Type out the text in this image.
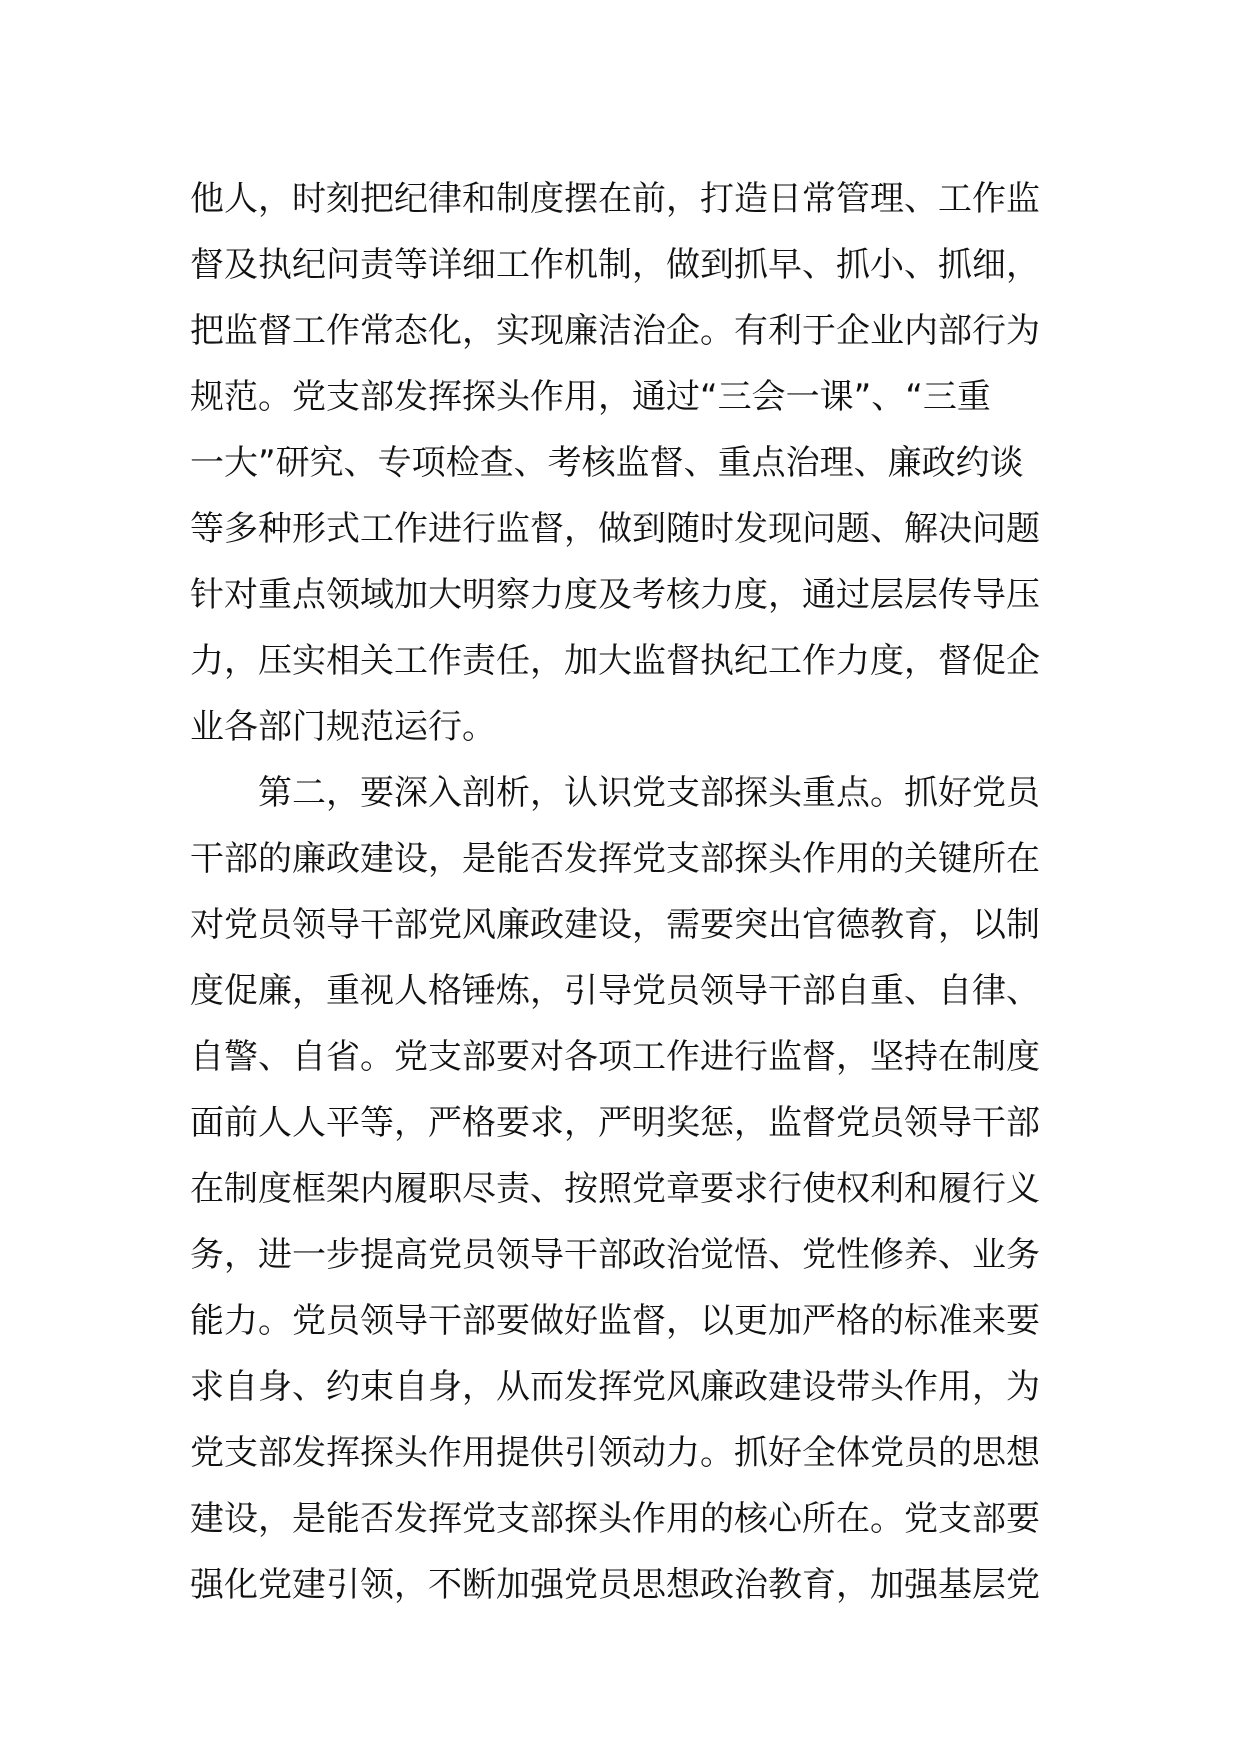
他人，时刻把纪律和制度摆在前，打造日常管理、工作监
督及执纪问责等详细工作机制，做到抓早、抓小、抓细，
把监督工作常态化，实现廉洁治企。有利于企业内部行为
规范。党支部发挥探头作用，通过“三会一课”、“三重
一大”研究、专项检查、考核监督、重点治理、廉政约谈
等多种形式工作进行监督，做到随时发现问题、解决问题
针对重点领域加大明察力度及考核力度，通过层层传导压
力，压实相关工作责任，加大监督执纪工作力度，督促企
业各部门规范运行。
　　第二，要深入剖析，认识党支部探头重点。抓好党员
干部的廉政建设，是能否发挥党支部探头作用的关键所在
对党员领导干部党风廉政建设，需要突出官德教育，以制
度促廉，重视人格锤炼，引导党员领导干部自重、自律、
自警、自省。党支部要对各项工作进行监督，坚持在制度
面前人人平等，严格要求，严明奖惩，监督党员领导干部
在制度框架内履职尽责、按照党章要求行使权利和履行义
务，进一步提高党员领导干部政治觉悟、党性修养、业务
能力。党员领导干部要做好监督，以更加严格的标准来要
求自身、约束自身，从而发挥党风廉政建设带头作用，为
党支部发挥探头作用提供引领动力。抓好全体党员的思想
建设，是能否发挥党支部探头作用的核心所在。党支部要
强化党建引领，不断加强党员思想政治教育，加强基层党
